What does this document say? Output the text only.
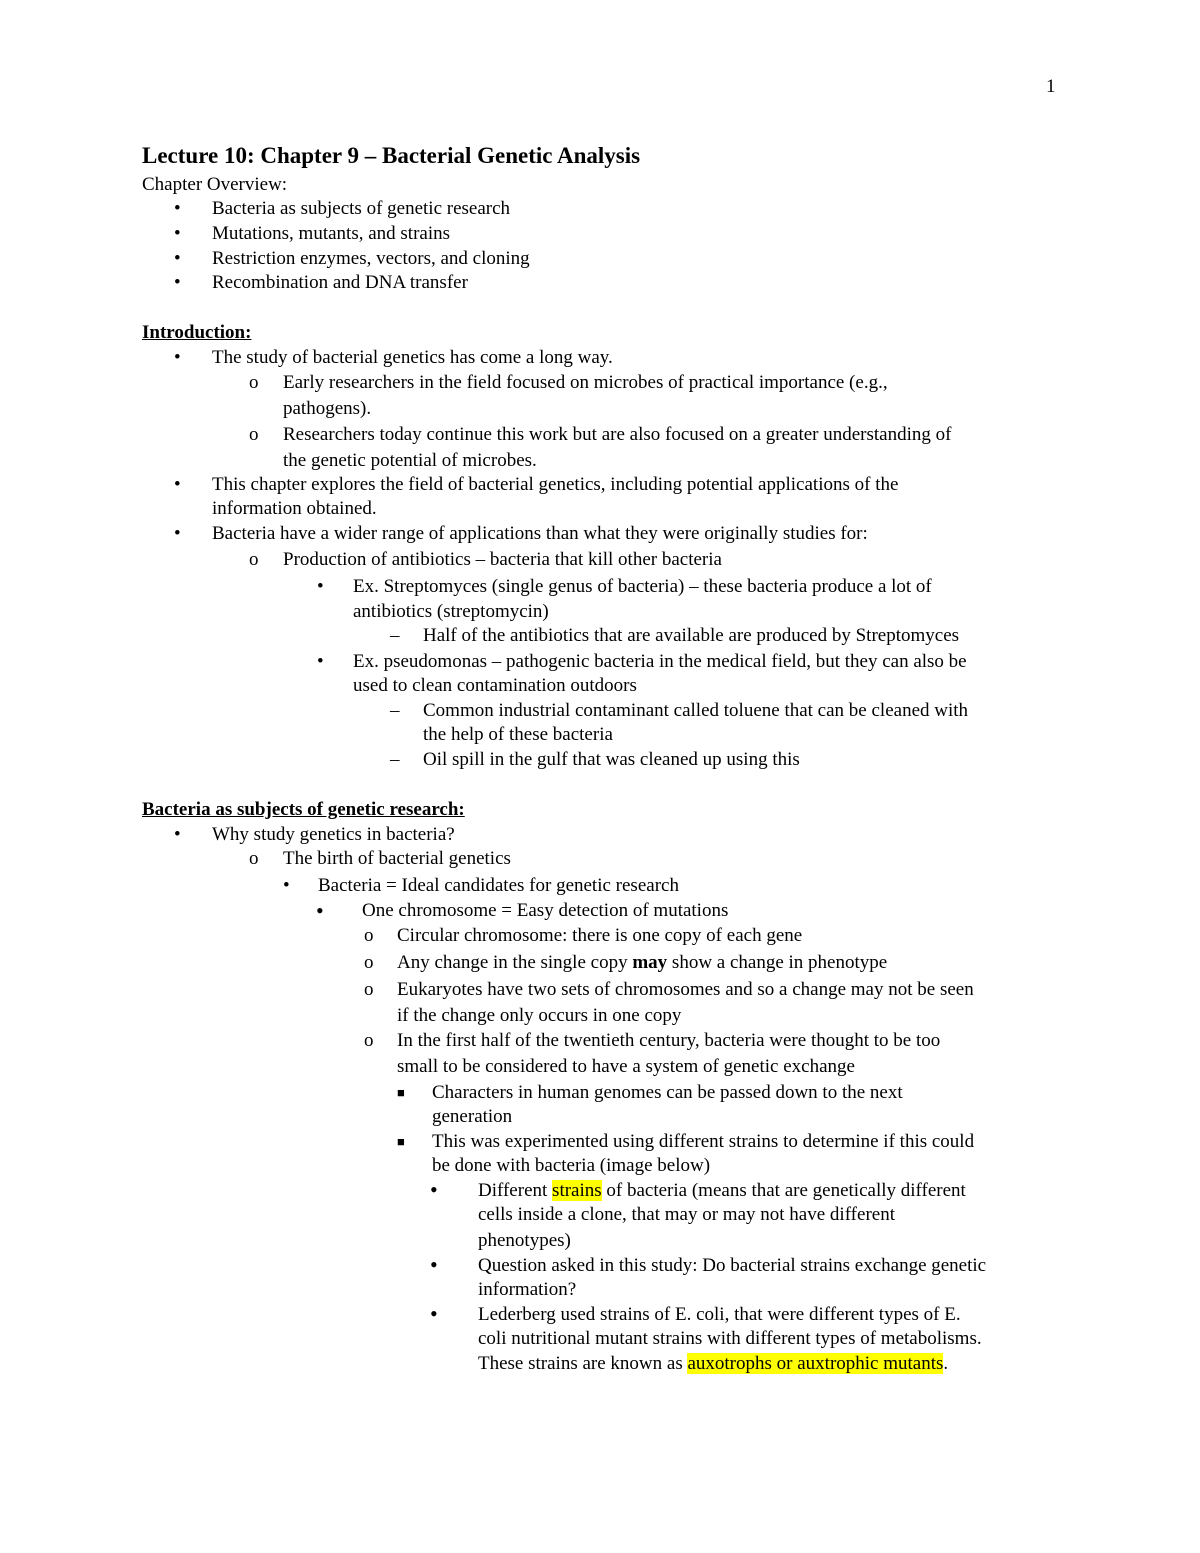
1
Lecture 10: Chapter 9 – Bacterial Genetic Analysis
Chapter Overview:
• Bacteria as subjects of genetic research
• Mutations, mutants, and strains
• Restriction enzymes, vectors, and cloning
• Recombination and DNA transfer
Introduction:
• The study of bacterial genetics has come a long way.
o Early researchers in the field focused on microbes of practical importance (e.g.,
pathogens).
o Researchers today continue this work but are also focused on a greater understanding of
the genetic potential of microbes.
• This chapter explores the field of bacterial genetics, including potential applications of the
information obtained.
• Bacteria have a wider range of applications than what they were originally studies for:
o Production of antibiotics – bacteria that kill other bacteria
• Ex. Streptomyces (single genus of bacteria) – these bacteria produce a lot of
antibiotics (streptomycin)
– Half of the antibiotics that are available are produced by Streptomyces
• Ex. pseudomonas – pathogenic bacteria in the medical field, but they can also be
used to clean contamination outdoors
– Common industrial contaminant called toluene that can be cleaned with
the help of these bacteria
– Oil spill in the gulf that was cleaned up using this
Bacteria as subjects of genetic research:
• Why study genetics in bacteria?
o The birth of bacterial genetics
• Bacteria = Ideal candidates for genetic research
• One chromosome = Easy detection of mutations
o Circular chromosome: there is one copy of each gene
o Any change in the single copy may show a change in phenotype
o Eukaryotes have two sets of chromosomes and so a change may not be seen
if the change only occurs in one copy
o In the first half of the twentieth century, bacteria were thought to be too
small to be considered to have a system of genetic exchange
■ Characters in human genomes can be passed down to the next
generation
■ This was experimented using different strains to determine if this could
be done with bacteria (image below)
• Different strains of bacteria (means that are genetically different
cells inside a clone, that may or may not have different
phenotypes)
• Question asked in this study: Do bacterial strains exchange genetic
information?
• Lederberg used strains of E. coli, that were different types of E.
coli nutritional mutant strains with different types of metabolisms.
These strains are known as auxotrophs or auxtrophic mutants.
